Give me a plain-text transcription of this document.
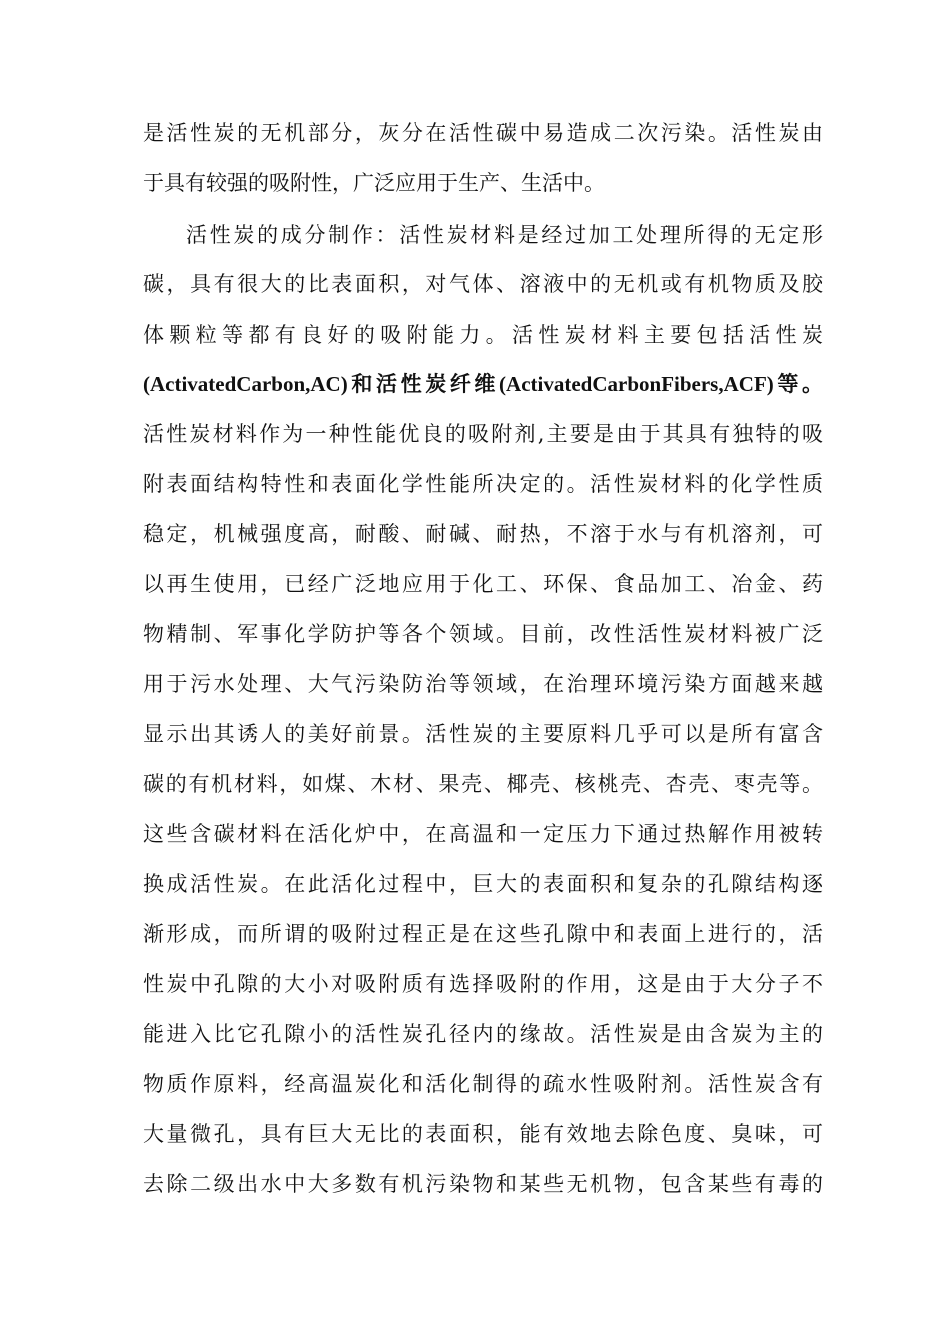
是活性炭的无机部分，灰分在活性碳中易造成二次污染。活性炭由
于具有较强的吸附性，广泛应用于生产、生活中。
活性炭的成分制作：活性炭材料是经过加工处理所得的无定形
碳，具有很大的比表面积，对气体、溶液中的无机或有机物质及胶
体颗粒等都有良好的吸附能力。活性炭材料主要包括活性炭
(ActivatedCarbon,AC)和活性炭纤维(ActivatedCarbonFibers,ACF)等。
活性炭材料作为一种性能优良的吸附剂,主要是由于其具有独特的吸
附表面结构特性和表面化学性能所决定的。活性炭材料的化学性质
稳定，机械强度高，耐酸、耐碱、耐热，不溶于水与有机溶剂，可
以再生使用，已经广泛地应用于化工、环保、食品加工、冶金、药
物精制、军事化学防护等各个领域。目前，改性活性炭材料被广泛
用于污水处理、大气污染防治等领域，在治理环境污染方面越来越
显示出其诱人的美好前景。活性炭的主要原料几乎可以是所有富含
碳的有机材料，如煤、木材、果壳、椰壳、核桃壳、杏壳、枣壳等。
这些含碳材料在活化炉中，在高温和一定压力下通过热解作用被转
换成活性炭。在此活化过程中，巨大的表面积和复杂的孔隙结构逐
渐形成，而所谓的吸附过程正是在这些孔隙中和表面上进行的，活
性炭中孔隙的大小对吸附质有选择吸附的作用，这是由于大分子不
能进入比它孔隙小的活性炭孔径内的缘故。活性炭是由含炭为主的
物质作原料，经高温炭化和活化制得的疏水性吸附剂。活性炭含有
大量微孔，具有巨大无比的表面积，能有效地去除色度、臭味，可
去除二级出水中大多数有机污染物和某些无机物，包含某些有毒的
